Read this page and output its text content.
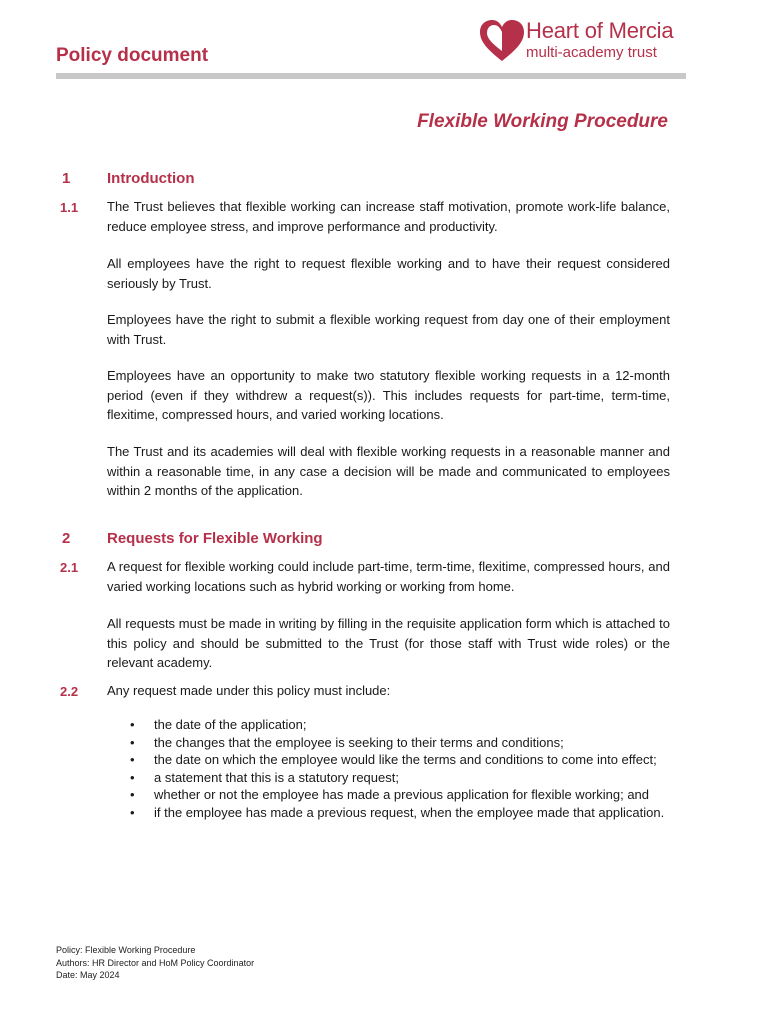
Policy document
Heart of Mercia
multi-academy trust
Flexible Working Procedure
1 Introduction
1.1 The Trust believes that flexible working can increase staff motivation, promote work-life balance, reduce employee stress, and improve performance and productivity.

All employees have the right to request flexible working and to have their request considered seriously by Trust.

Employees have the right to submit a flexible working request from day one of their employment with Trust.

Employees have an opportunity to make two statutory flexible working requests in a 12-month period (even if they withdrew a request(s)). This includes requests for part-time, term-time, flexitime, compressed hours, and varied working locations.

The Trust and its academies will deal with flexible working requests in a reasonable manner and within a reasonable time, in any case a decision will be made and communicated to employees within 2 months of the application.

2 Requests for Flexible Working
2.1 A request for flexible working could include part-time, term-time, flexitime, compressed hours, and varied working locations such as hybrid working or working from home.

All requests must be made in writing by filling in the requisite application form which is attached to this policy and should be submitted to the Trust (for those staff with Trust wide roles) or the relevant academy.

2.2 Any request made under this policy must include:

• the date of the application;
• the changes that the employee is seeking to their terms and conditions;
• the date on which the employee would like the terms and conditions to come into effect;
• a statement that this is a statutory request;
• whether or not the employee has made a previous application for flexible working; and
• if the employee has made a previous request, when the employee made that application.
Policy: Flexible Working Procedure
Authors: HR Director and HoM Policy Coordinator
Date: May 2024
